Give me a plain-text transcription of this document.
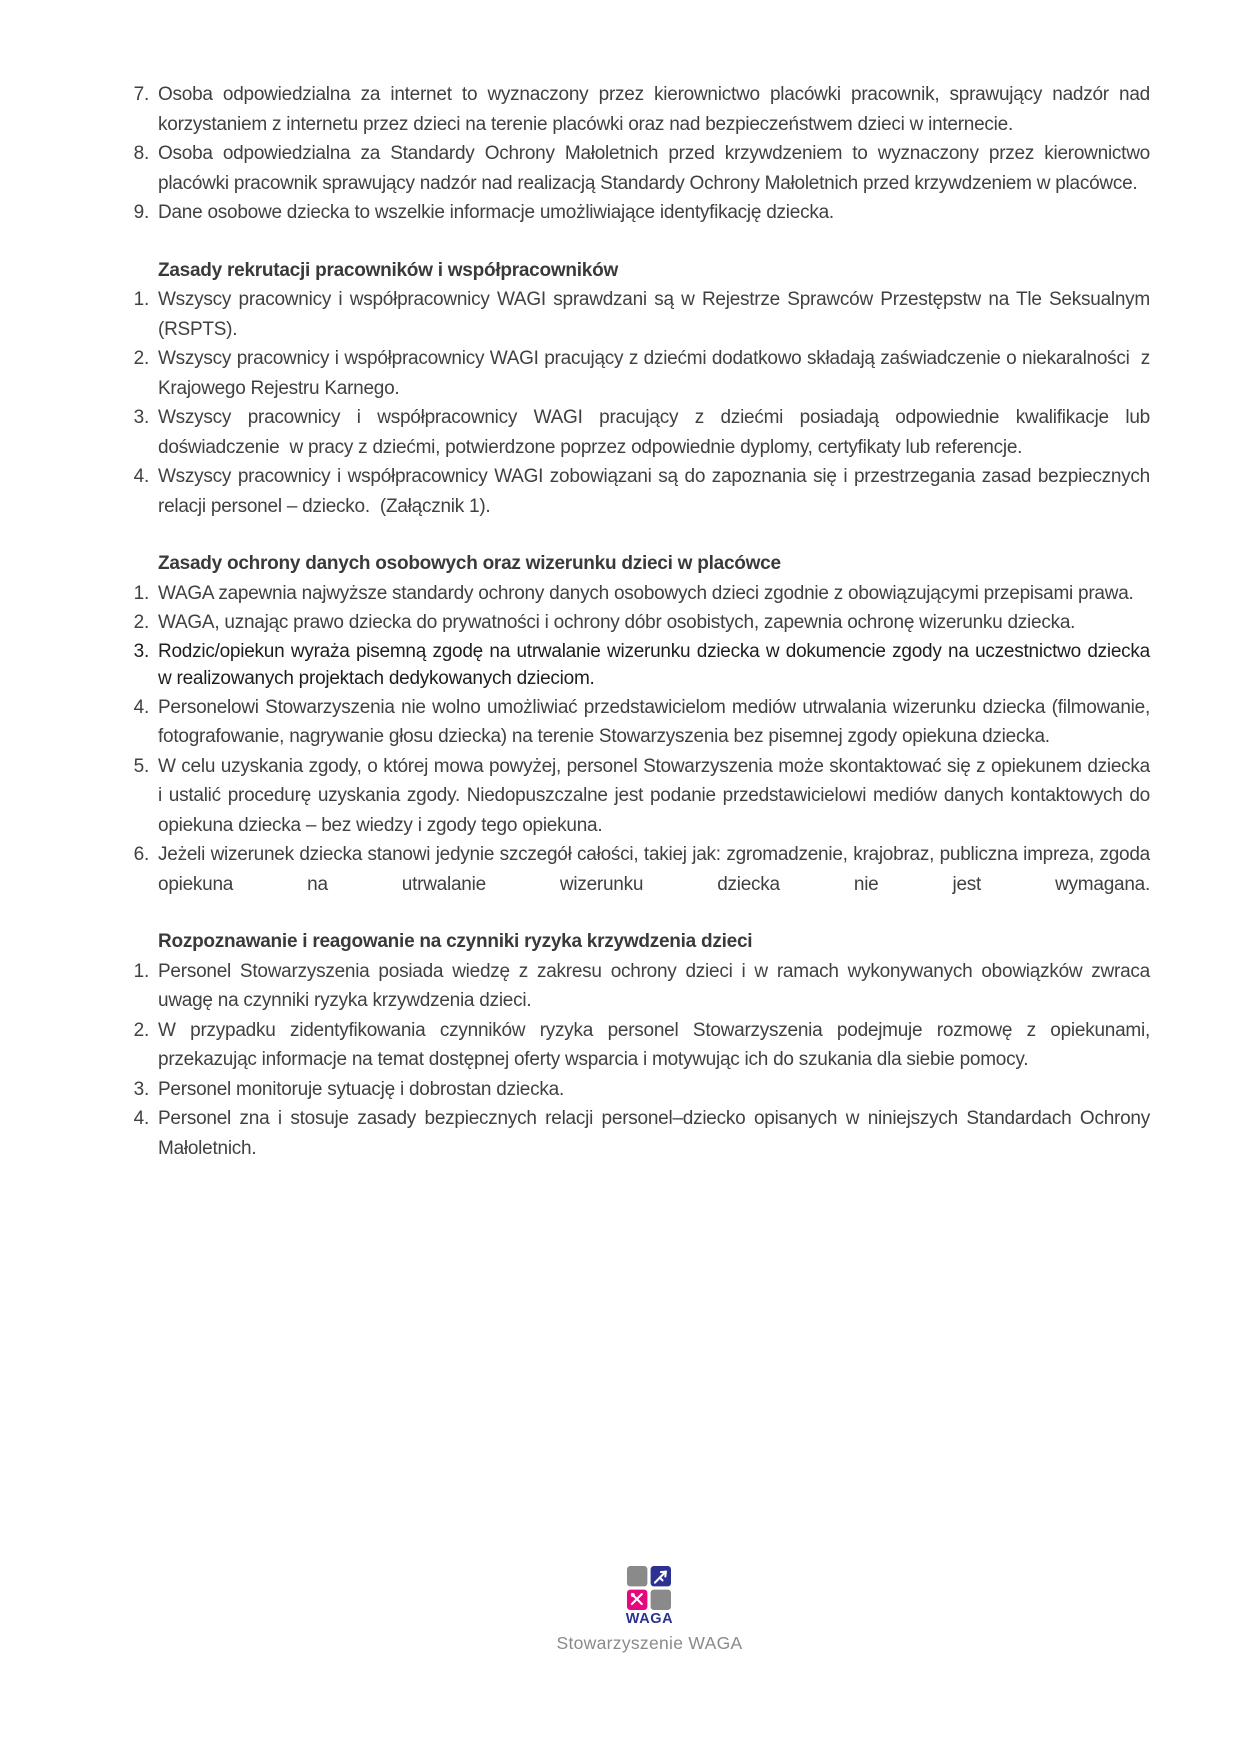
7. Osoba odpowiedzialna za internet to wyznaczony przez kierownictwo placówki pracownik, sprawujący nadzór nad korzystaniem z internetu przez dzieci na terenie placówki oraz nad bezpieczeństwem dzieci w internecie.
8. Osoba odpowiedzialna za Standardy Ochrony Małoletnich przed krzywdzeniem to wyznaczony przez kierownictwo placówki pracownik sprawujący nadzór nad realizacją Standardy Ochrony Małoletnich przed krzywdzeniem w placówce.
9. Dane osobowe dziecka to wszelkie informacje umożliwiające identyfikację dziecka.
Zasady rekrutacji pracowników i współpracowników
1. Wszyscy pracownicy i współpracownicy WAGI sprawdzani są w Rejestrze Sprawców Przestępstw na Tle Seksualnym (RSPTS).
2. Wszyscy pracownicy i współpracownicy WAGI pracujący z dziećmi dodatkowo składają zaświadczenie o niekaralności  z Krajowego Rejestru Karnego.
3. Wszyscy pracownicy i współpracownicy WAGI pracujący z dziećmi posiadają odpowiednie kwalifikacje lub doświadczenie  w pracy z dziećmi, potwierdzone poprzez odpowiednie dyplomy, certyfikaty lub referencje.
4. Wszyscy pracownicy i współpracownicy WAGI zobowiązani są do zapoznania się i przestrzegania zasad bezpiecznych relacji personel – dziecko.  (Załącznik 1).
Zasady ochrony danych osobowych oraz wizerunku dzieci w placówce
1. WAGA zapewnia najwyższe standardy ochrony danych osobowych dzieci zgodnie z obowiązującymi przepisami prawa.
2. WAGA, uznając prawo dziecka do prywatności i ochrony dóbr osobistych, zapewnia ochronę wizerunku dziecka.
3. Rodzic/opiekun wyraża pisemną zgodę na utrwalanie wizerunku dziecka w dokumencie zgody na uczestnictwo dziecka w realizowanych projektach dedykowanych dzieciom.
4. Personelowi Stowarzyszenia nie wolno umożliwiać przedstawicielom mediów utrwalania wizerunku dziecka (filmowanie, fotografowanie, nagrywanie głosu dziecka) na terenie Stowarzyszenia bez pisemnej zgody opiekuna dziecka.
5. W celu uzyskania zgody, o której mowa powyżej, personel Stowarzyszenia może skontaktować się z opiekunem dziecka i ustalić procedurę uzyskania zgody. Niedopuszczalne jest podanie przedstawicielowi mediów danych kontaktowych do opiekuna dziecka – bez wiedzy i zgody tego opiekuna.
6. Jeżeli wizerunek dziecka stanowi jedynie szczegół całości, takiej jak: zgromadzenie, krajobraz, publiczna impreza, zgoda opiekuna na utrwalanie wizerunku dziecka nie jest wymagana.
Rozpoznawanie i reagowanie na czynniki ryzyka krzywdzenia dzieci
1. Personel Stowarzyszenia posiada wiedzę z zakresu ochrony dzieci i w ramach wykonywanych obowiązków zwraca uwagę na czynniki ryzyka krzywdzenia dzieci.
2. W przypadku zidentyfikowania czynników ryzyka personel Stowarzyszenia podejmuje rozmowę z opiekunami, przekazując informacje na temat dostępnej oferty wsparcia i motywując ich do szukania dla siebie pomocy.
3. Personel monitoruje sytuację i dobrostan dziecka.
4. Personel zna i stosuje zasady bezpiecznych relacji personel–dziecko opisanych w niniejszych Standardach Ochrony Małoletnich.
WAGA
Stowarzyszenie WAGA
